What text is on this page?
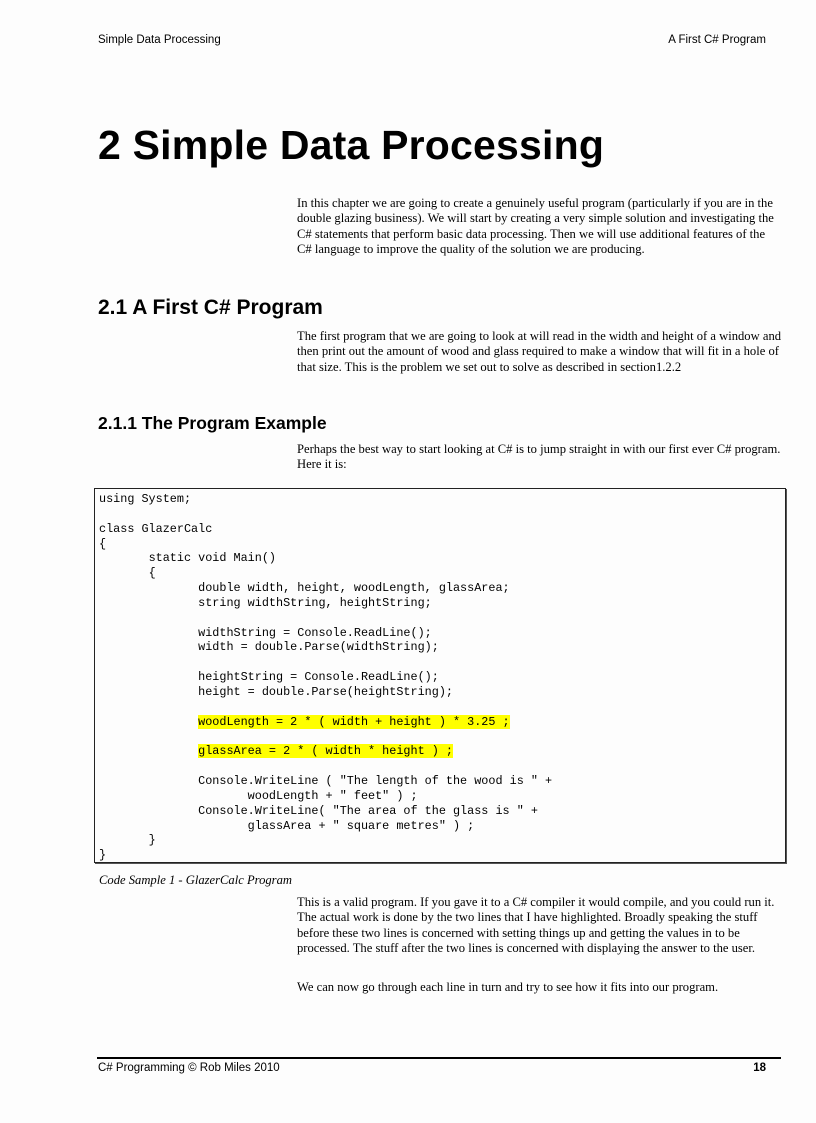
Simple Data Processing	A First C# Program
2 Simple Data Processing

In this chapter we are going to create a genuinely useful program (particularly if you are in the double glazing business). We will start by creating a very simple solution and investigating the C# statements that perform basic data processing. Then we will use additional features of the C# language to improve the quality of the solution we are producing.

2.1 A First C# Program

The first program that we are going to look at will read in the width and height of a window and then print out the amount of wood and glass required to make a window that will fit in a hole of that size. This is the problem we set out to solve as described in section1.2.2

2.1.1 The Program Example

Perhaps the best way to start looking at C# is to jump straight in with our first ever C# program. Here it is:

using System;
class GlazerCalc
{
static void Main()
{
double width, height, woodLength, glassArea;
string widthString, heightString;
widthString = Console.ReadLine();
width = double.Parse(widthString);
heightString = Console.ReadLine();
height = double.Parse(heightString);
woodLength = 2 * ( width + height ) * 3.25 ;
glassArea = 2 * ( width * height ) ;
Console.WriteLine ( "The length of the wood is " +
woodLength + " feet" ) ;
Console.WriteLine( "The area of the glass is " +
glassArea + " square metres" ) ;
}
}
Code Sample 1 - GlazerCalc Program

This is a valid program. If you gave it to a C# compiler it would compile, and you could run it. The actual work is done by the two lines that I have highlighted. Broadly speaking the stuff before these two lines is concerned with setting things up and getting the values in to be processed. The stuff after the two lines is concerned with displaying the answer to the user.

We can now go through each line in turn and try to see how it fits into our program.

C# Programming © Rob Miles 2010	18
